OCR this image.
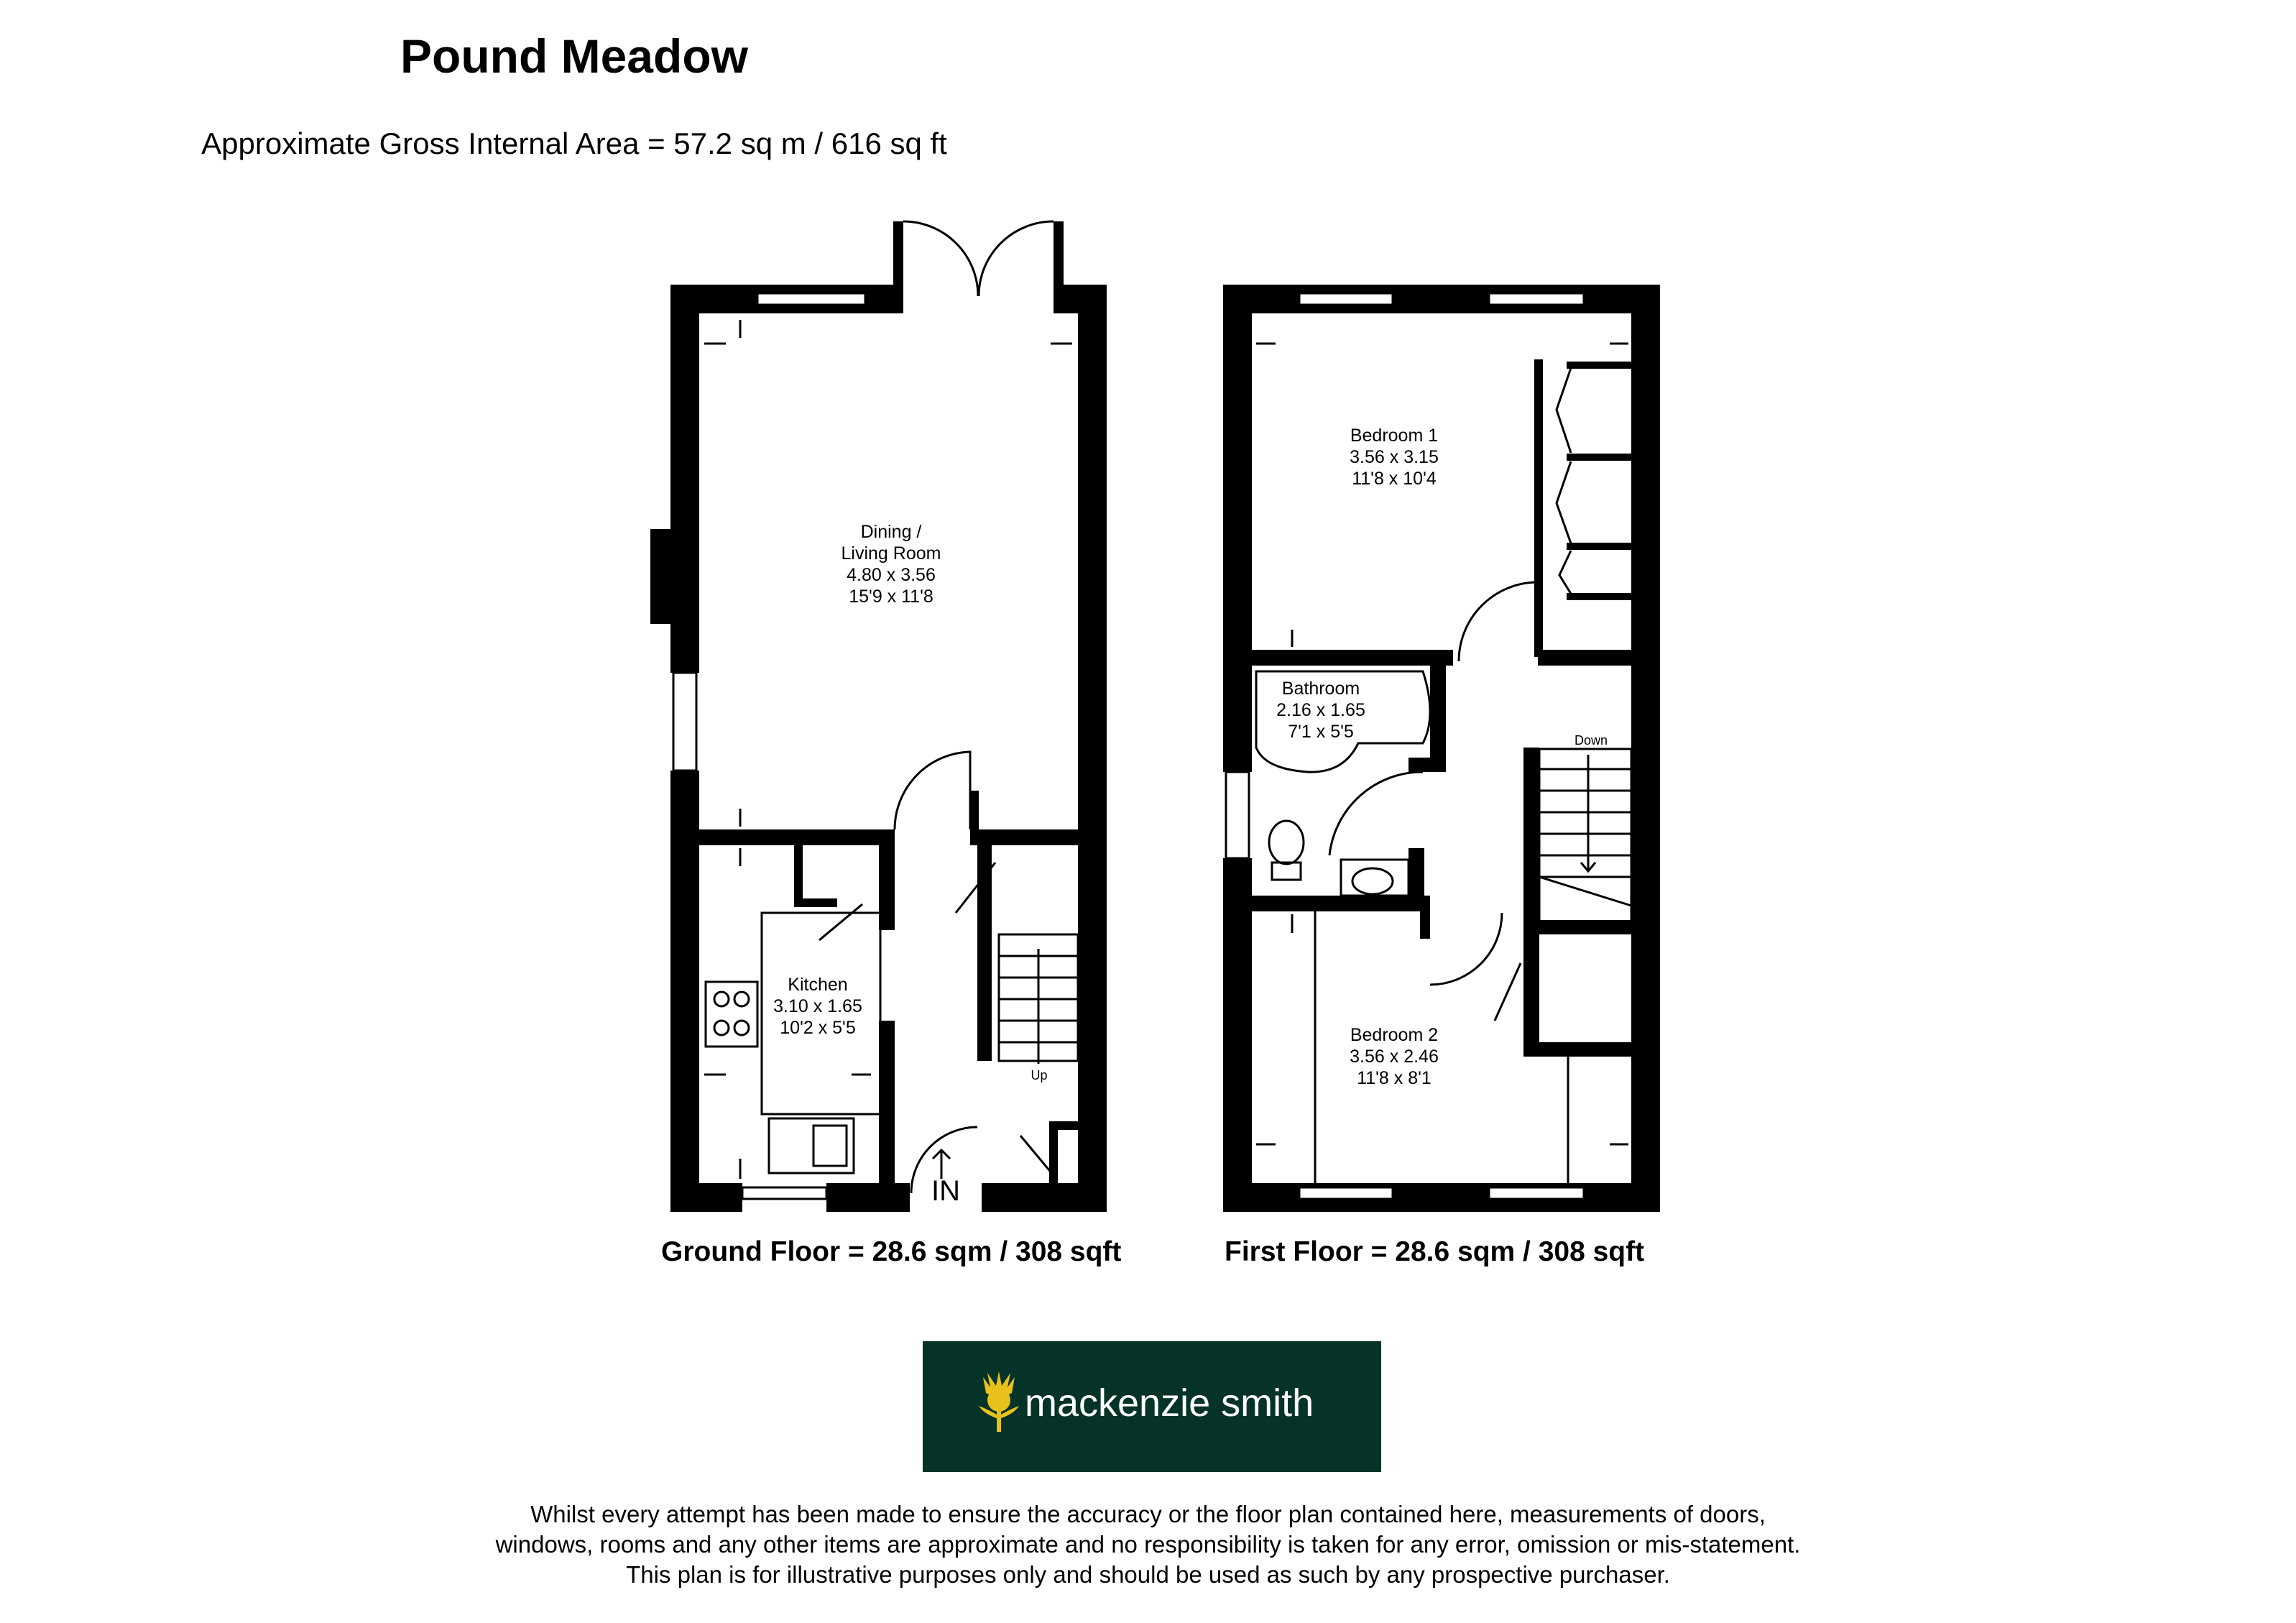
Pound Meadow
Approximate Gross Internal Area = 57.2 sq m / 616 sq ft
Dining /
Living Room
4.80 x 3.56
15'9 x 11'8
Kitchen
3.10 x 1.65
10'2 x 5'5
Up
IN
Bedroom 1
3.56 x 3.15
11'8 x 10'4
Bathroom
2.16 x 1.65
7'1 x 5'5	Down
Bedroom 2
3.56 x 2.46
11'8 x 8'1
Ground Floor = 28.6 sqm / 308 sqft	First Floor = 28.6 sqm / 308 sqft
mackenzie smith
Whilst every attempt has been made to ensure the accuracy or the floor plan contained here, measurements of doors,
windows, rooms and any other items are approximate and no responsibility is taken for any error, omission or mis-statement.
This plan is for illustrative purposes only and should be used as such by any prospective purchaser.
